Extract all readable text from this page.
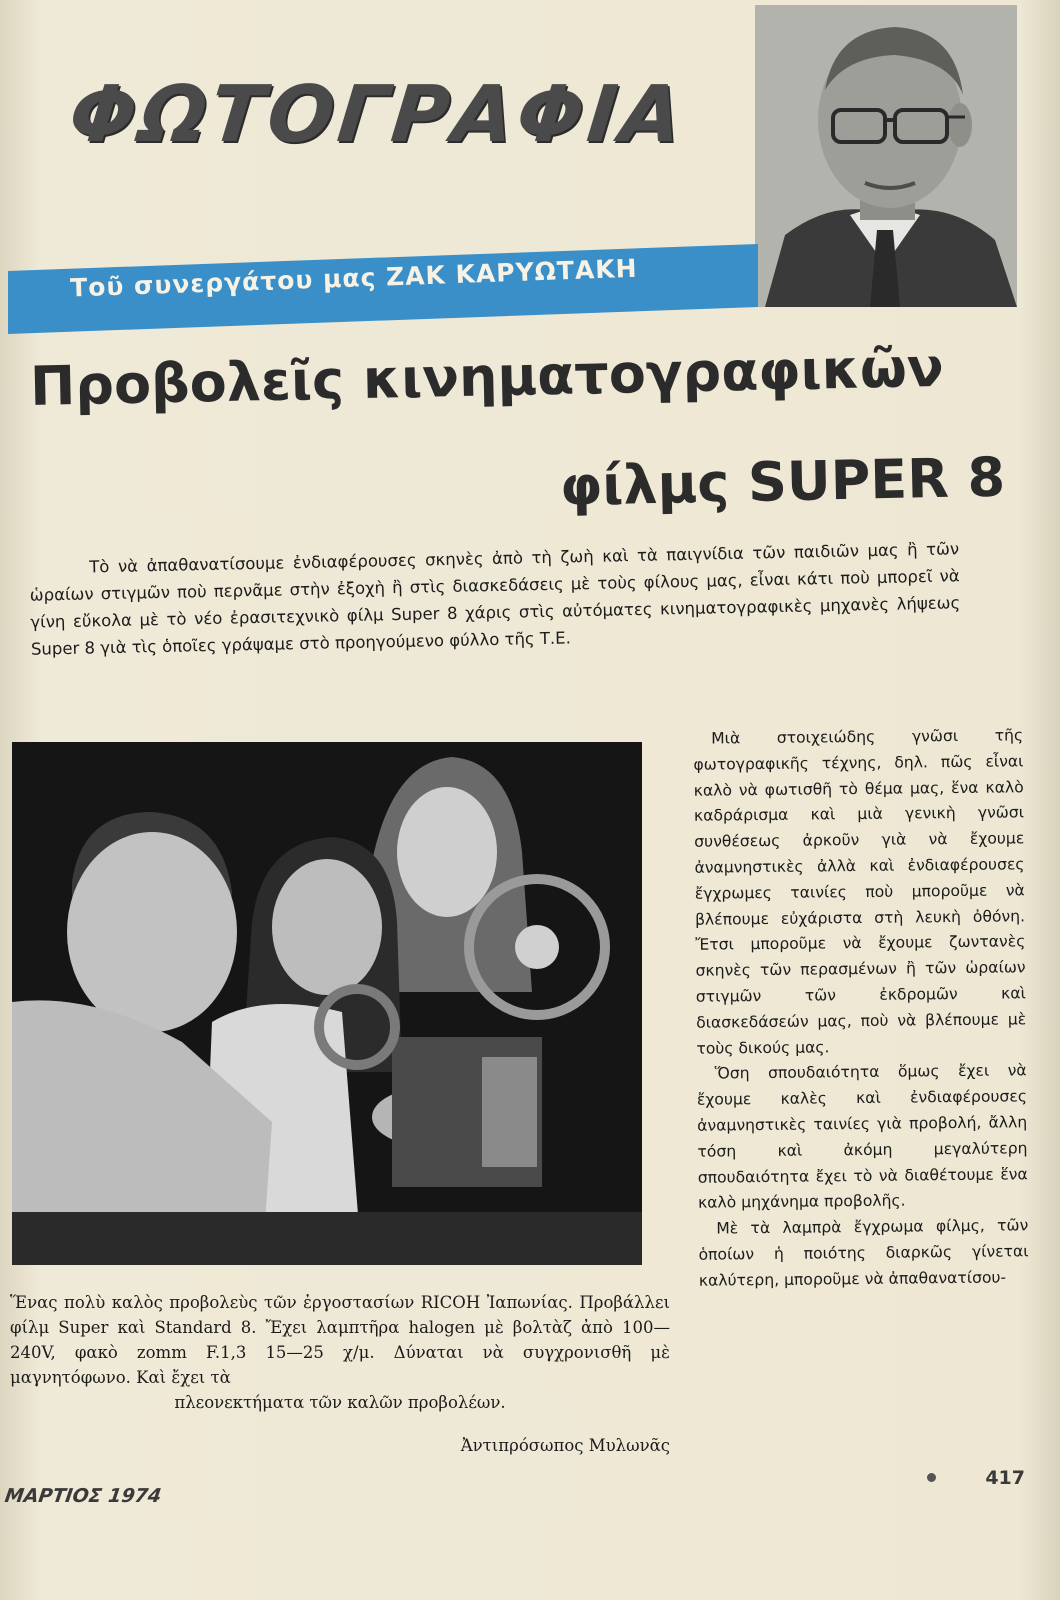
ΦΩΤΟΓΡΑΦΙΑ
Τοῦ συνεργάτου μας ΖΑΚ ΚΑΡΥΩΤΑΚΗ
Προβολεῖς κινηματογραφικῶν
φίλμς SUPER 8
Τὸ νὰ ἀπαθανατίσουμε ἐνδιαφέρουσες σκηνὲς ἀπὸ τὴ ζωὴ καὶ τὰ παιγνίδια τῶν παιδιῶν μας ἢ τῶν ὡραίων στιγμῶν ποὺ περνᾶμε στὴν ἐξοχὴ ἢ στὶς διασκεδάσεις μὲ τοὺς φίλους μας, εἶναι κάτι ποὺ μπορεῖ νὰ γίνη εὔκολα μὲ τὸ νέο ἐρασιτεχνικὸ φίλμ Super 8 χάρις στὶς αὐτόματες κινηματογραφικὲς μηχανὲς λήψεως Super 8 γιὰ τὶς ὁποῖες γράψαμε στὸ προηγούμενο φύλλο τῆς Τ.Ε.
Ἕνας πολὺ καλὸς προβολεὺς τῶν ἐργοστασίων RICOH Ἰαπωνίας. Προβάλλει φίλμ Super καὶ Standard 8. Ἔχει λαμπτῆρα halogen μὲ βολτὰζ ἀπὸ 100—240V, φακὸ zomm F.1,3 15—25 χ/μ. Δύναται νὰ συγχρονισθῆ μὲ μαγνητόφωνο. Καὶ ἔχει τὰ
πλεονεκτήματα τῶν καλῶν προβολέων.
Ἀντιπρόσωπος Μυλωνᾶς

Μιὰ στοιχειώδης γνῶσι τῆς φωτογραφικῆς τέχνης, δηλ. πῶς εἶναι καλὸ νὰ φωτισθῆ τὸ θέμα μας, ἕνα καλὸ καδράρισμα καὶ μιὰ γενικὴ γνῶσι συνθέσεως ἀρκοῦν γιὰ νὰ ἔχουμε ἀναμνηστικὲς ἀλλὰ καὶ ἐνδιαφέρουσες ἔγχρωμες ταινίες ποὺ μποροῦμε νὰ βλέπουμε εὐχάριστα στὴ λευκὴ ὀθόνη. Ἔτσι μποροῦμε νὰ ἔχουμε ζωντανὲς σκηνὲς τῶν περασμένων ἢ τῶν ὡραίων στιγμῶν τῶν ἐκδρομῶν καὶ διασκεδάσεών μας, ποὺ νὰ βλέπουμε μὲ τοὺς δικούς μας.

Ὅση σπουδαιότητα ὅμως ἔχει νὰ ἔχουμε καλὲς καὶ ἐνδιαφέρουσες ἀναμνηστικὲς ταινίες γιὰ προβολή, ἄλλη τόση καὶ ἀκόμη μεγαλύτερη σπουδαιότητα ἔχει τὸ νὰ διαθέτουμε ἕνα καλὸ μηχάνημα προβολῆς.

Μὲ τὰ λαμπρὰ ἔγχρωμα φίλμς, τῶν ὁποίων ἡ ποιότης διαρκῶς γίνεται καλύτερη, μποροῦμε νὰ ἀπαθανατίσου-

ΜΑΡΤΙΟΣ 1974
417
